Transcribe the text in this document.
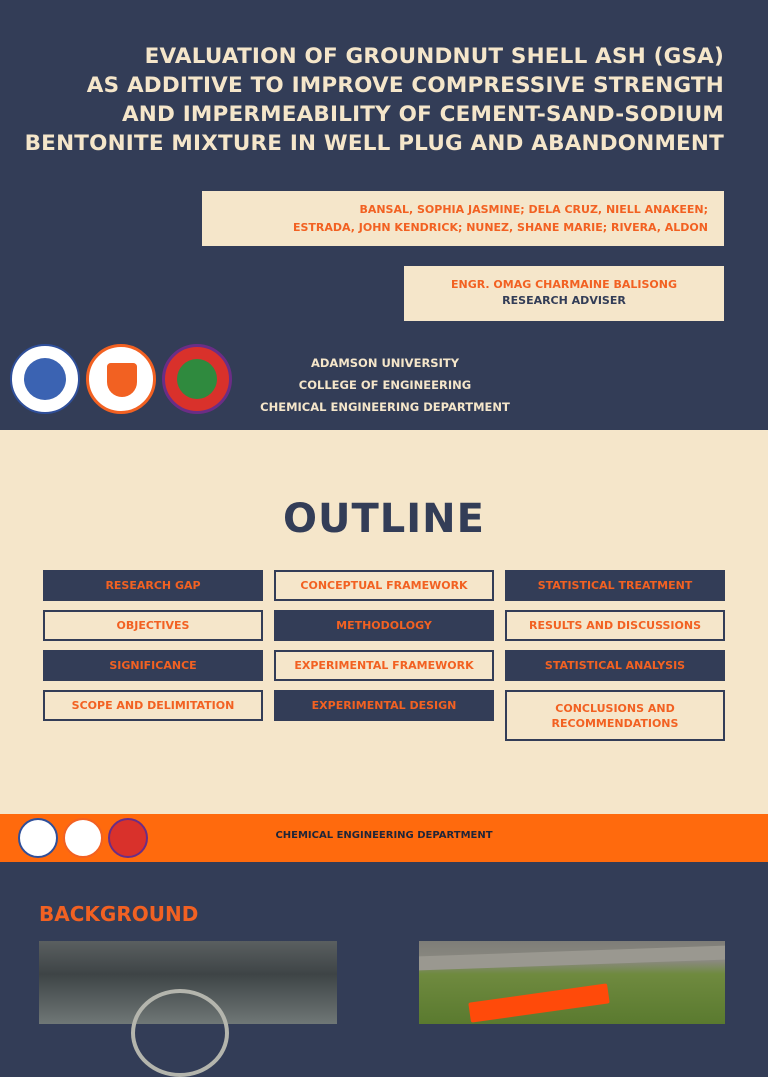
EVALUATION OF GROUNDNUT SHELL ASH (GSA)
AS ADDITIVE TO IMPROVE COMPRESSIVE STRENGTH
AND IMPERMEABILITY OF CEMENT-SAND-SODIUM
BENTONITE MIXTURE IN WELL PLUG AND ABANDONMENT
BANSAL, SOPHIA JASMINE; DELA CRUZ, NIELL ANAKEEN;
ESTRADA, JOHN KENDRICK; NUNEZ, SHANE MARIE; RIVERA, ALDON
ENGR. OMAG CHARMAINE BALISONG
RESEARCH ADVISER
ADAMSON UNIVERSITY
COLLEGE OF ENGINEERING
CHEMICAL ENGINEERING DEPARTMENT
OUTLINE
RESEARCH GAP	CONCEPTUAL FRAMEWORK	STATISTICAL TREATMENT
OBJECTIVES	METHODOLOGY	RESULTS AND DISCUSSIONS
SIGNIFICANCE	EXPERIMENTAL FRAMEWORK	STATISTICAL ANALYSIS
SCOPE AND DELIMITATION	EXPERIMENTAL DESIGN	CONCLUSIONS AND RECOMMENDATIONS
CHEMICAL ENGINEERING DEPARTMENT
BACKGROUND
